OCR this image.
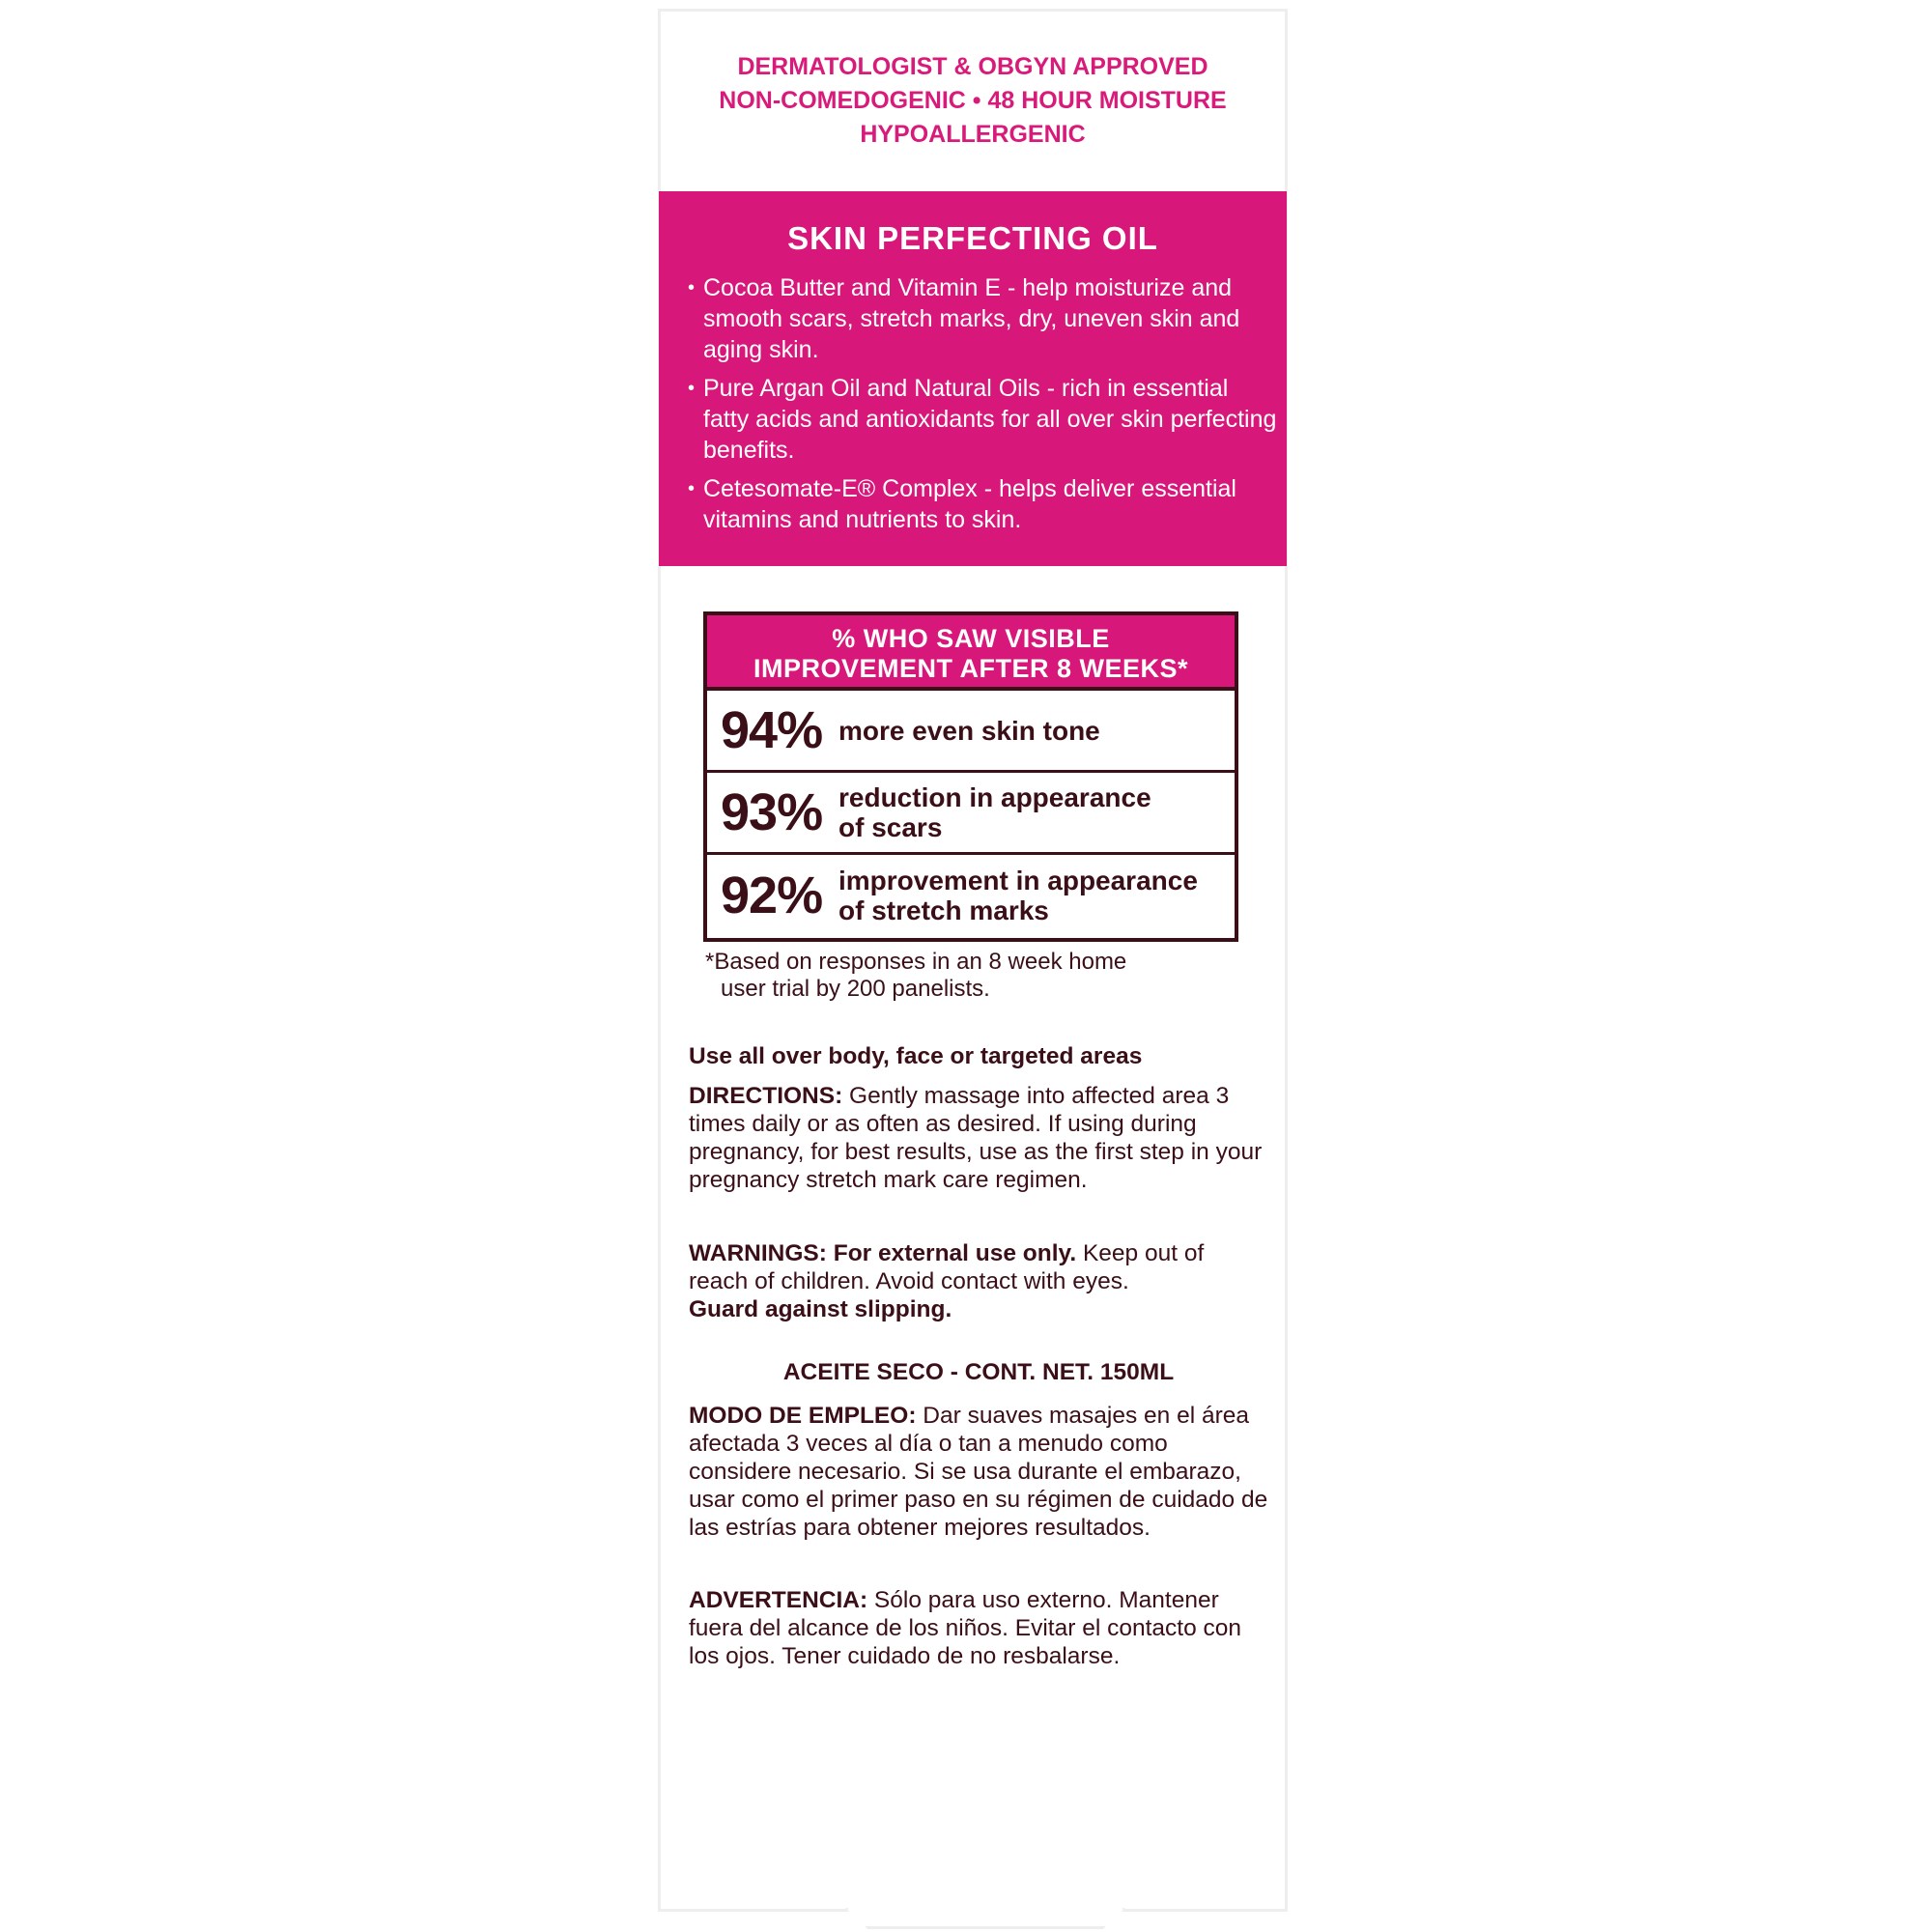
DERMATOLOGIST & OBGYN APPROVED
NON-COMEDOGENIC • 48 HOUR MOISTURE
HYPOALLERGENIC
SKIN PERFECTING OIL
• Cocoa Butter and Vitamin E - help moisturize and smooth scars, stretch marks, dry, uneven skin and aging skin.
• Pure Argan Oil and Natural Oils - rich in essential fatty acids and antioxidants for all over skin perfecting benefits.
• Cetesomate-E® Complex - helps deliver essential vitamins and nutrients to skin.
% WHO SAW VISIBLE
IMPROVEMENT AFTER 8 WEEKS*
94% more even skin tone
93% reduction in appearance
of scars
92% improvement in appearance
of stretch marks
*Based on responses in an 8 week home
user trial by 200 panelists.
Use all over body, face or targeted areas
DIRECTIONS: Gently massage into affected area 3 times daily or as often as desired. If using during pregnancy, for best results, use as the first step in your pregnancy stretch mark care regimen.
WARNINGS: For external use only. Keep out of reach of children. Avoid contact with eyes.
Guard against slipping.
ACEITE SECO - CONT. NET. 150ML
MODO DE EMPLEO: Dar suaves masajes en el área afectada 3 veces al día o tan a menudo como considere necesario. Si se usa durante el embarazo, usar como el primer paso en su régimen de cuidado de las estrías para obtener mejores resultados.
ADVERTENCIA: Sólo para uso externo. Mantener fuera del alcance de los niños. Evitar el contacto con los ojos. Tener cuidado de no resbalarse.
